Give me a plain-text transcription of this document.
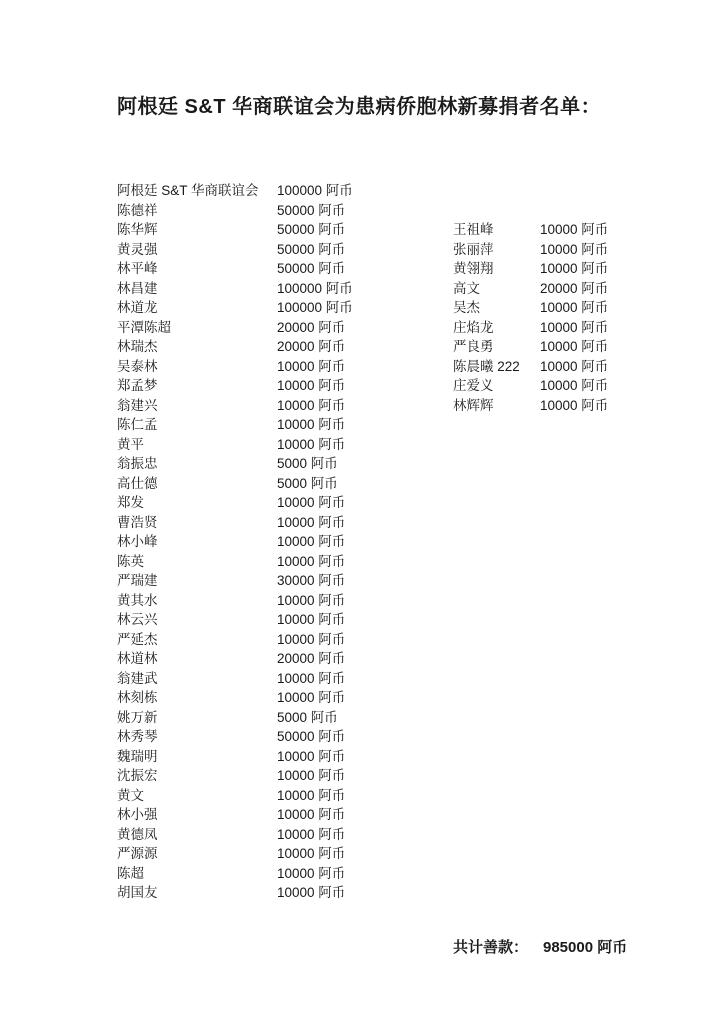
阿根廷 S&T 华商联谊会为患病侨胞林新募捐者名单：
阿根廷 S&T 华商联谊会	100000 阿币
陈德祥	50000 阿币
陈华辉	50000 阿币
黄灵强	50000 阿币
林平峰	50000 阿币
林昌建	100000 阿币
林道龙	100000 阿币
平潭陈超	20000 阿币
林瑞杰	20000 阿币
吴泰林	10000 阿币
郑孟梦	10000 阿币
翁建兴	10000 阿币
陈仁孟	10000 阿币
黄平	10000 阿币
翁振忠	5000 阿币
高仕德	5000 阿币
郑发	10000 阿币
曹浩贤	10000 阿币
林小峰	10000 阿币
陈英	10000 阿币
严瑞建	30000 阿币
黄其水	10000 阿币
林云兴	10000 阿币
严延杰	10000 阿币
林道林	20000 阿币
翁建武	10000 阿币
林刻栋	10000 阿币
姚万新	5000 阿币
林秀琴	50000 阿币
魏瑞明	10000 阿币
沈振宏	10000 阿币
黄文	10000 阿币
林小强	10000 阿币
黄德凤	10000 阿币
严源源	10000 阿币
陈超	10000 阿币
胡国友	10000 阿币
王祖峰	10000 阿币
张丽萍	10000 阿币
黄翎翔	10000 阿币
高文	20000 阿币
吴杰	10000 阿币
庄焰龙	10000 阿币
严良勇	10000 阿币
陈晨曦 222	10000 阿币
庄爱义	10000 阿币
林辉辉	10000 阿币
共计善款： 985000 阿币
